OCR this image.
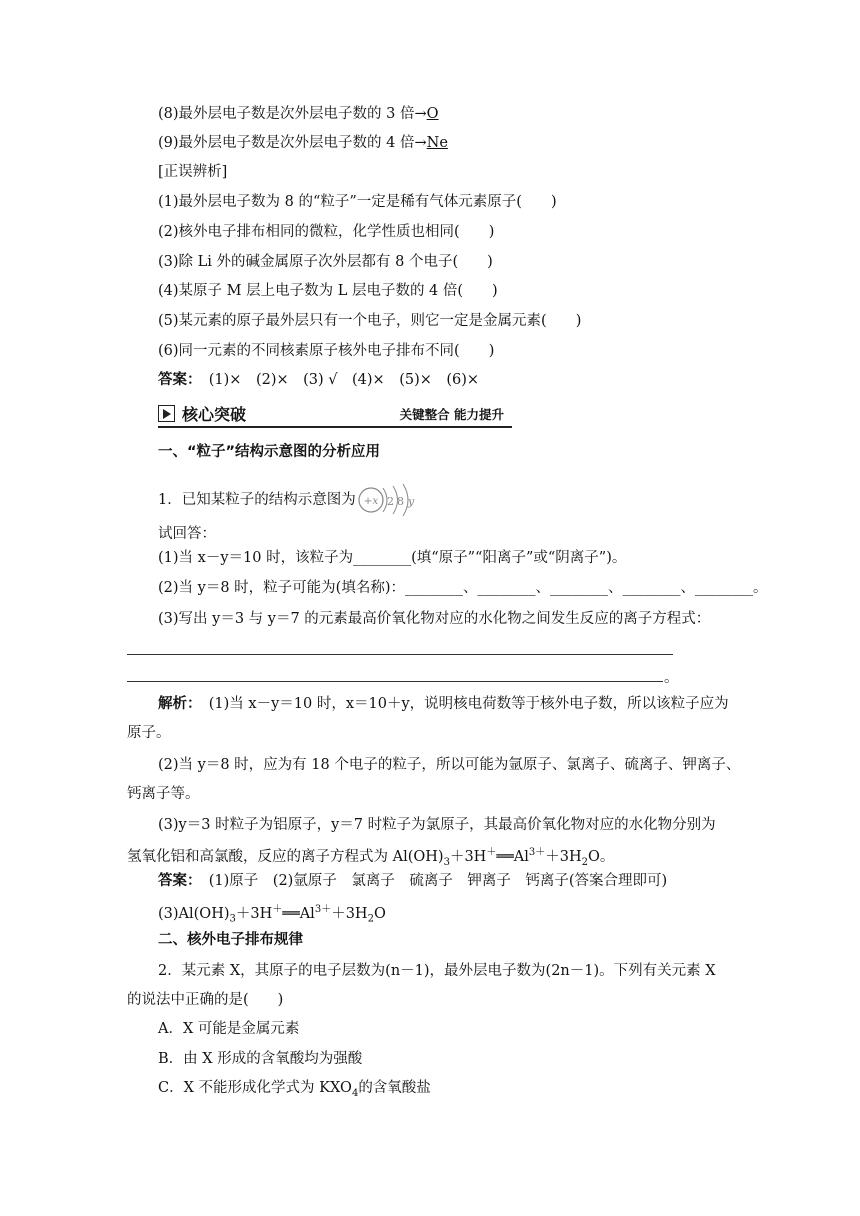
(8)最外层电子数是次外层电子数的 3 倍→O
(9)最外层电子数是次外层电子数的 4 倍→Ne
[正误辨析]
(1)最外层电子数为 8 的“粒子”一定是稀有气体元素原子(　　)
(2)核外电子排布相同的微粒，化学性质也相同(　　)
(3)除 Li 外的碱金属原子次外层都有 8 个电子(　　)
(4)某原子 M 层上电子数为 L 层电子数的 4 倍(　　)
(5)某元素的原子最外层只有一个电子，则它一定是金属元素(　　)
(6)同一元素的不同核素原子核外电子排布不同(　　)
答案：　(1)×　(2)×　(3) √　(4)×　(5)×　(6)×
核心突破	关键整合 能力提升
一、“粒子”结构示意图的分析应用
1．已知某粒子的结构示意图为 +x 2 8 y
试回答：
(1)当 x－y＝10 时，该粒子为________(填“原子”“阳离子”或“阴离子”)。
(2)当 y＝8 时，粒子可能为(填名称)：________、________、________、________、________。
(3)写出 y＝3 与 y＝7 的元素最高价氧化物对应的水化物之间发生反应的离子方程式：
。
解析：　(1)当 x－y＝10 时，x＝10＋y，说明核电荷数等于核外电子数，所以该粒子应为
原子。
(2)当 y＝8 时，应为有 18 个电子的粒子，所以可能为氩原子、氯离子、硫离子、钾离子、
钙离子等。
(3)y＝3 时粒子为铝原子，y＝7 时粒子为氯原子，其最高价氧化物对应的水化物分别为
氢氧化铝和高氯酸，反应的离子方程式为 $Al(OH)_3+3H^+══Al^{3+}+3H_2O$。
答案：　(1)原子　(2)氩原子　氯离子　硫离子　钾离子　钙离子(答案合理即可)
$(3)Al(OH)_3+3H^+══Al^{3+}+3H_2O$
二、核外电子排布规律
2．某元素 X，其原子的电子层数为(n－1)，最外层电子数为(2n－1)。下列有关元素 X
的说法中正确的是(　　)
A．X 可能是金属元素
B．由 X 形成的含氧酸均为强酸
C．X 不能形成化学式为 $KXO_4$的含氧酸盐
